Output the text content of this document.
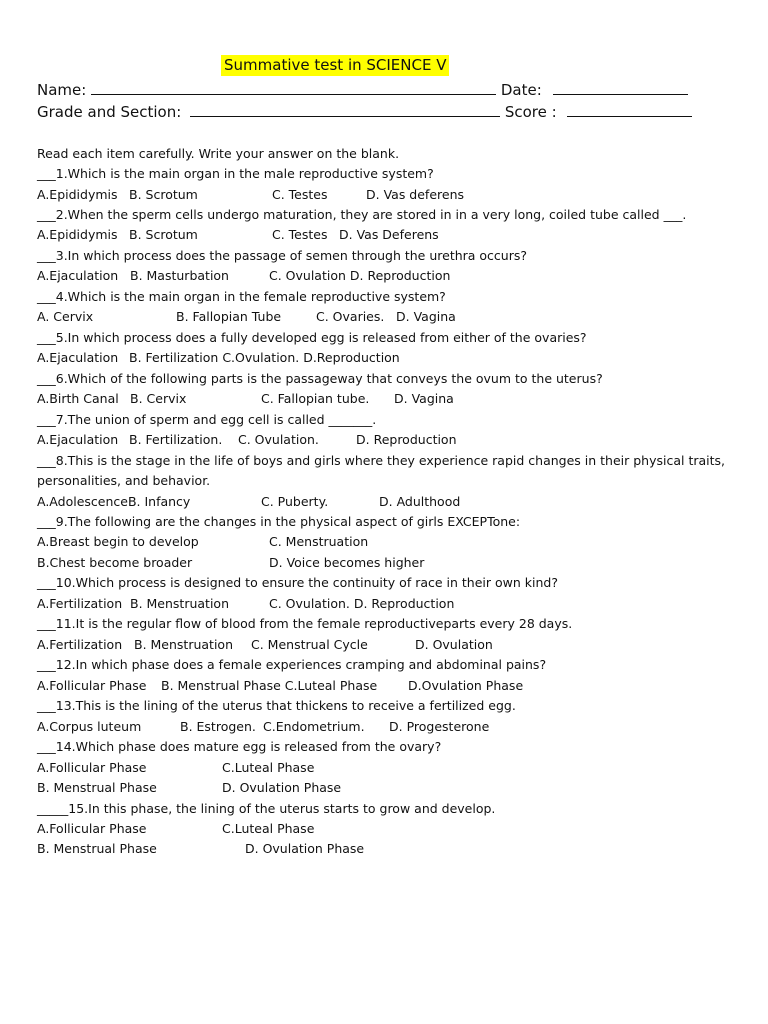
Summative test in SCIENCE V
Name:	Date:
Grade and Section:	Score :
Read each item carefully. Write your answer on the blank.
___1.Which is the main organ in the male reproductive system?
A.Epididymis B. Scrotum	C. Testes	D. Vas deferens
___2.When the sperm cells undergo maturation, they are stored in in a very long, coiled tube called ___.
A.Epididymis B. Scrotum	C. Testes D. Vas Deferens
___3.In which process does the passage of semen through the urethra occurs?
A.Ejaculation B. Masturbation	C. Ovulation D. Reproduction
___4.Which is the main organ in the female reproductive system?
A. Cervix	B. Fallopian Tube	C. Ovaries. D. Vagina
___5.In which process does a fully developed egg is released from either of the ovaries?
A.Ejaculation B. Fertilization C.Ovulation. D.Reproduction
___6.Which of the following parts is the passageway that conveys the ovum to the uterus?
A.Birth Canal B. Cervix	C. Fallopian tube. D. Vagina
___7.The union of sperm and egg cell is called _______.
A.Ejaculation B. Fertilization. C. Ovulation.	D. Reproduction
___8.This is the stage in the life of boys and girls where they experience rapid changes in their physical traits,
personalities, and behavior.
A.AdolescenceB. Infancy	C. Puberty.	D. Adulthood
___9.The following are the changes in the physical aspect of girls EXCEPTone:
A.Breast begin to develop	C. Menstruation
B.Chest become broader	D. Voice becomes higher
___10.Which process is designed to ensure the continuity of race in their own kind?
A.Fertilization B. Menstruation	C. Ovulation. D. Reproduction
___11.It is the regular flow of blood from the female reproductiveparts every 28 days.
A.Fertilization B. Menstruation C. Menstrual Cycle	D. Ovulation
___12.In which phase does a female experiences cramping and abdominal pains?
A.Follicular Phase B. Menstrual Phase C.Luteal Phase D.Ovulation Phase
___13.This is the lining of the uterus that thickens to receive a fertilized egg.
A.Corpus luteum	B. Estrogen. C.Endometrium. D. Progesterone
___14.Which phase does mature egg is released from the ovary?
A.Follicular Phase	C.Luteal Phase
B. Menstrual Phase	D. Ovulation Phase
_____15.In this phase, the lining of the uterus starts to grow and develop.
A.Follicular Phase	C.Luteal Phase
B. Menstrual Phase	D. Ovulation Phase
